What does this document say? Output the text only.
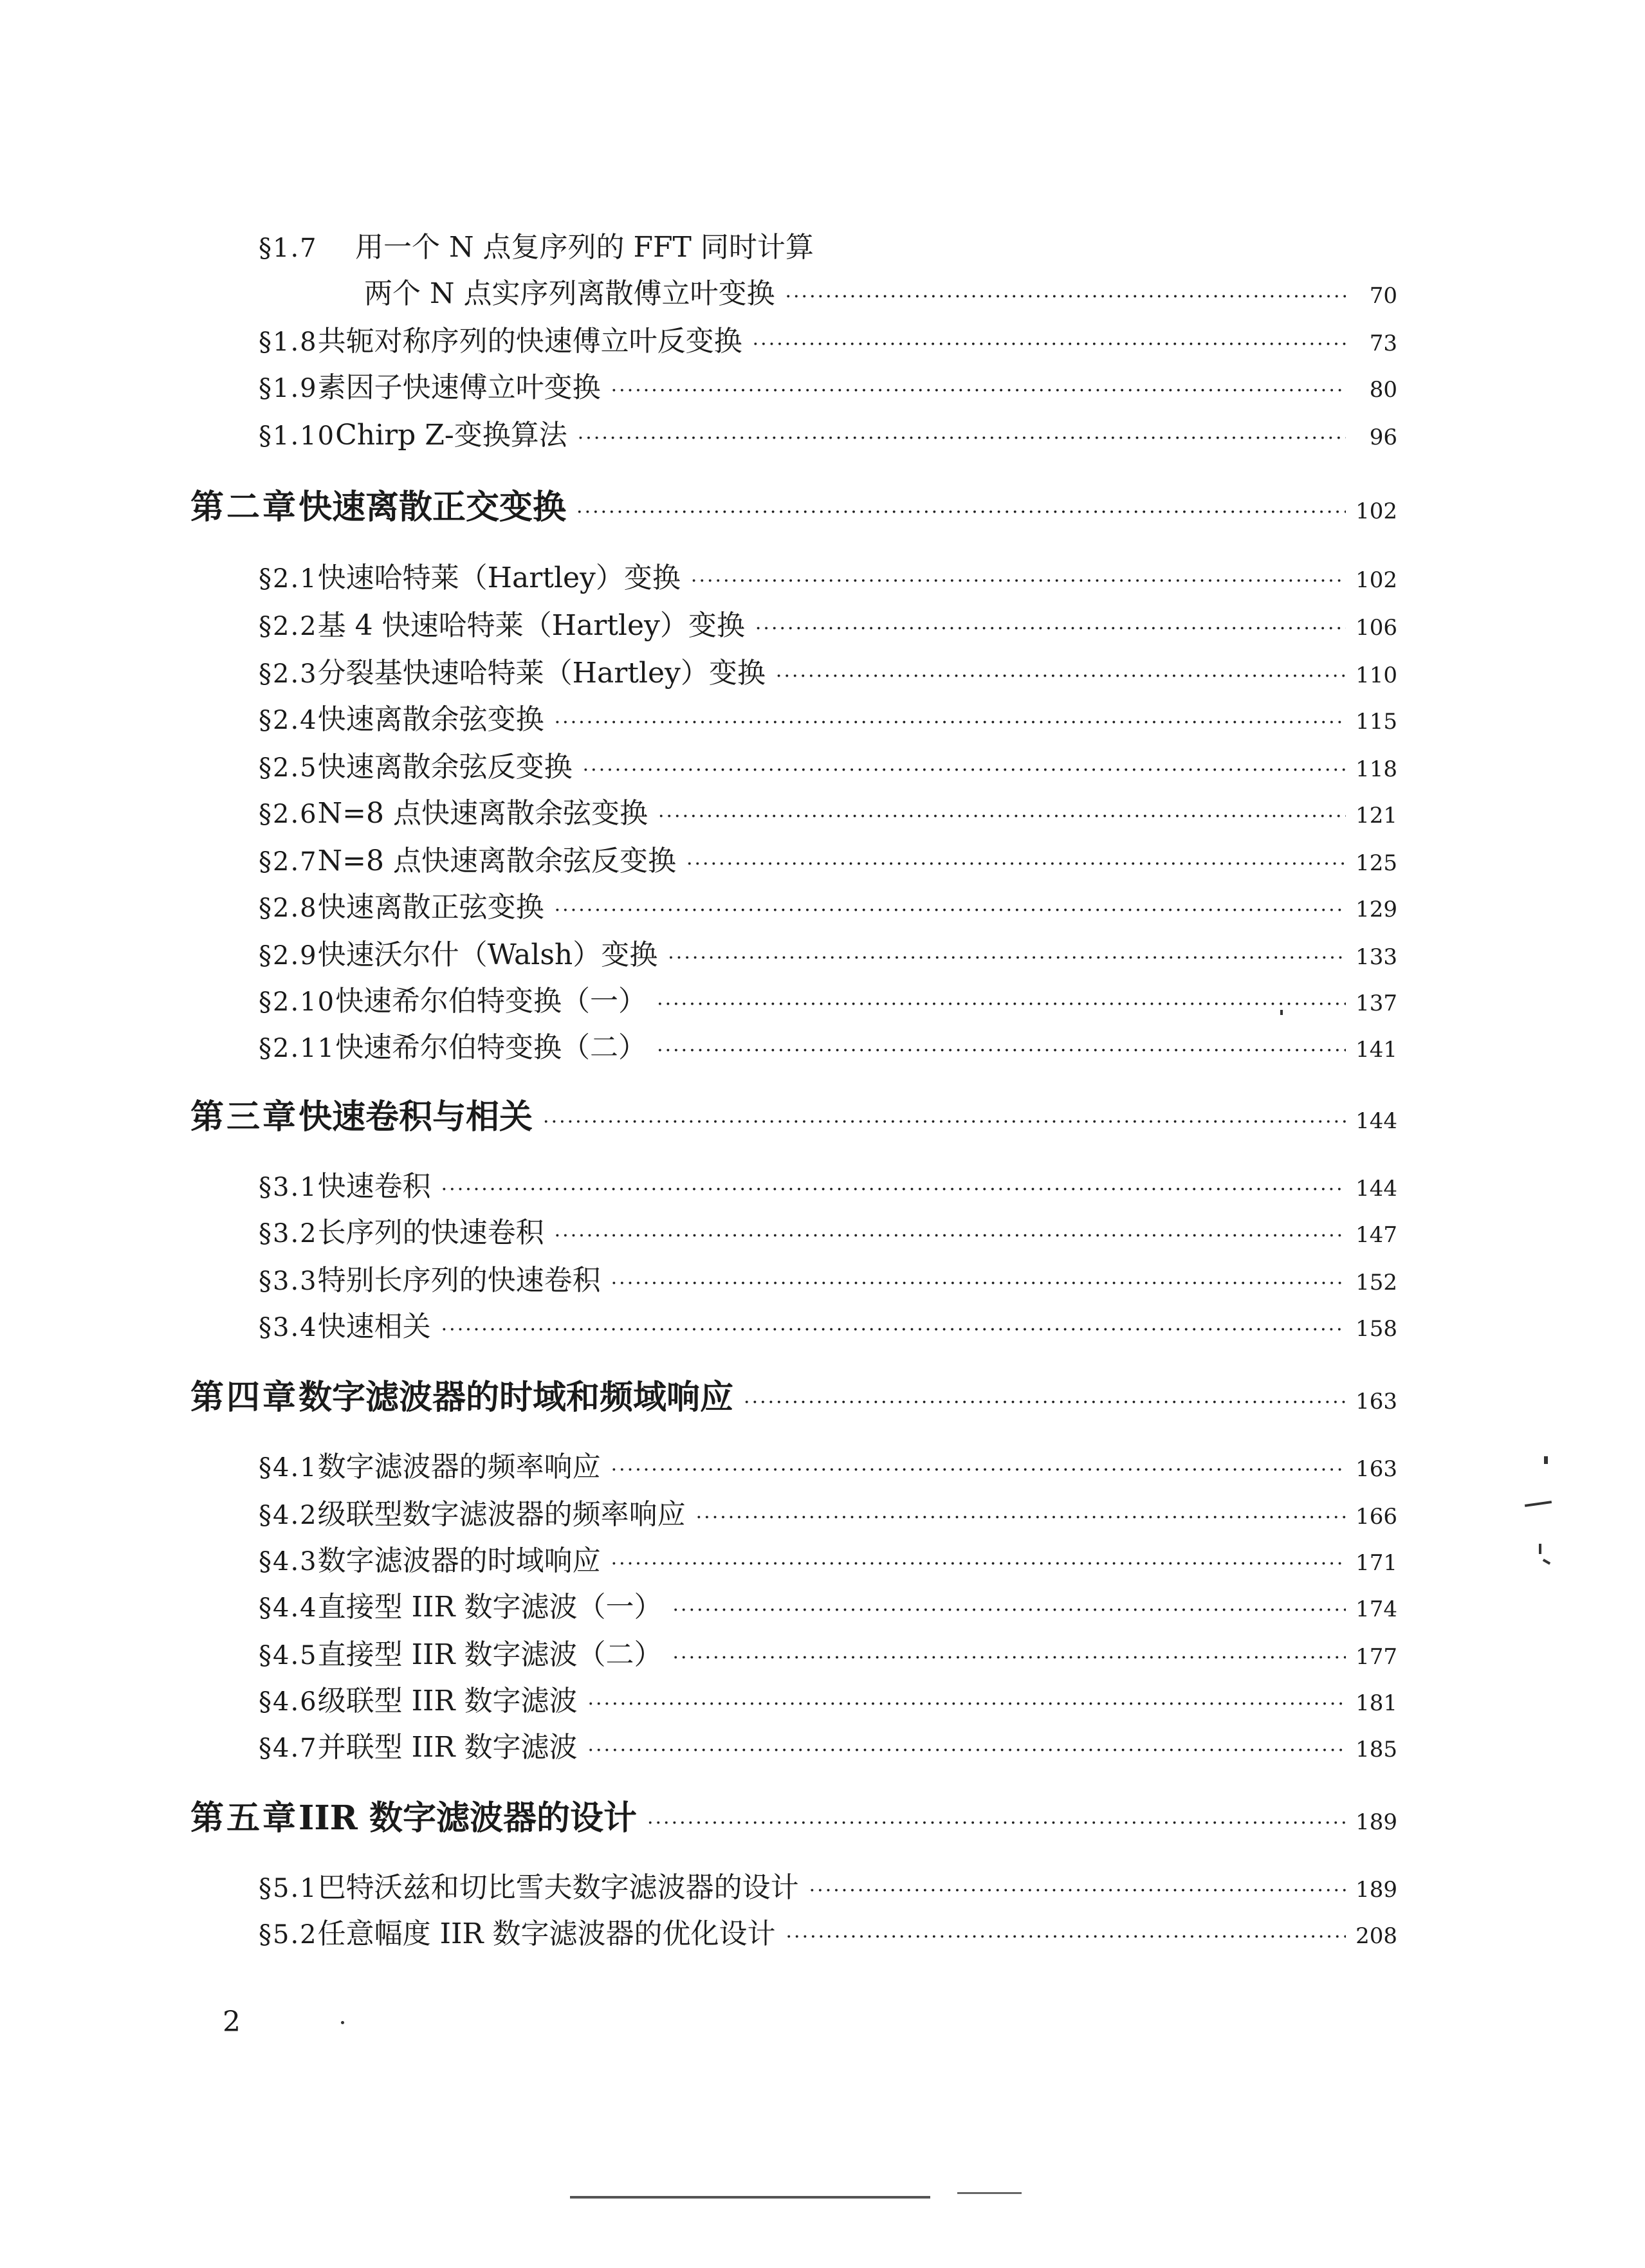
§1.7	用一个 N 点复序列的 FFT 同时计算
两个 N 点实序列离散傅立叶变换 ·····	70
§1.8 共轭对称序列的快速傅立叶反变换 ·····	73
§1.9 素因子快速傅立叶变换 ·····	80
§1.10 Chirp Z-变换算法 ·····	96
第二章 快速离散正交变换 ·····	102
§2.1 快速哈特莱（Hartley）变换 ·····	102
§2.2 基 4 快速哈特莱（Hartley）变换 ·····	106
§2.3 分裂基快速哈特莱（Hartley）变换 ·····	110
§2.4 快速离散余弦变换 ·····	115
§2.5 快速离散余弦反变换 ·····	118
§2.6 N=8 点快速离散余弦变换 ·····	121
§2.7 N=8 点快速离散余弦反变换 ·····	125
§2.8 快速离散正弦变换 ·····	129
§2.9 快速沃尔什（Walsh）变换 ·····	133
§2.10 快速希尔伯特变换（一） ·····	137
§2.11 快速希尔伯特变换（二） ·····	141
第三章 快速卷积与相关 ·····	144
§3.1 快速卷积 ·····	144
§3.2 长序列的快速卷积 ·····	147
§3.3 特别长序列的快速卷积 ·····	152
§3.4 快速相关 ·····	158
第四章 数字滤波器的时域和频域响应 ·····	163
§4.1 数字滤波器的频率响应 ·····	163
§4.2 级联型数字滤波器的频率响应 ·····	166
§4.3 数字滤波器的时域响应 ·····	171
§4.4 直接型 IIR 数字滤波（一） ·····	174
§4.5 直接型 IIR 数字滤波（二） ·····	177
§4.6 级联型 IIR 数字滤波 ·····	181
§4.7 并联型 IIR 数字滤波 ·····	185
第五章 IIR 数字滤波器的设计 ·····	189
§5.1 巴特沃兹和切比雪夫数字滤波器的设计 ·····	189
§5.2 任意幅度 IIR 数字滤波器的优化设计 ·····	208
2
